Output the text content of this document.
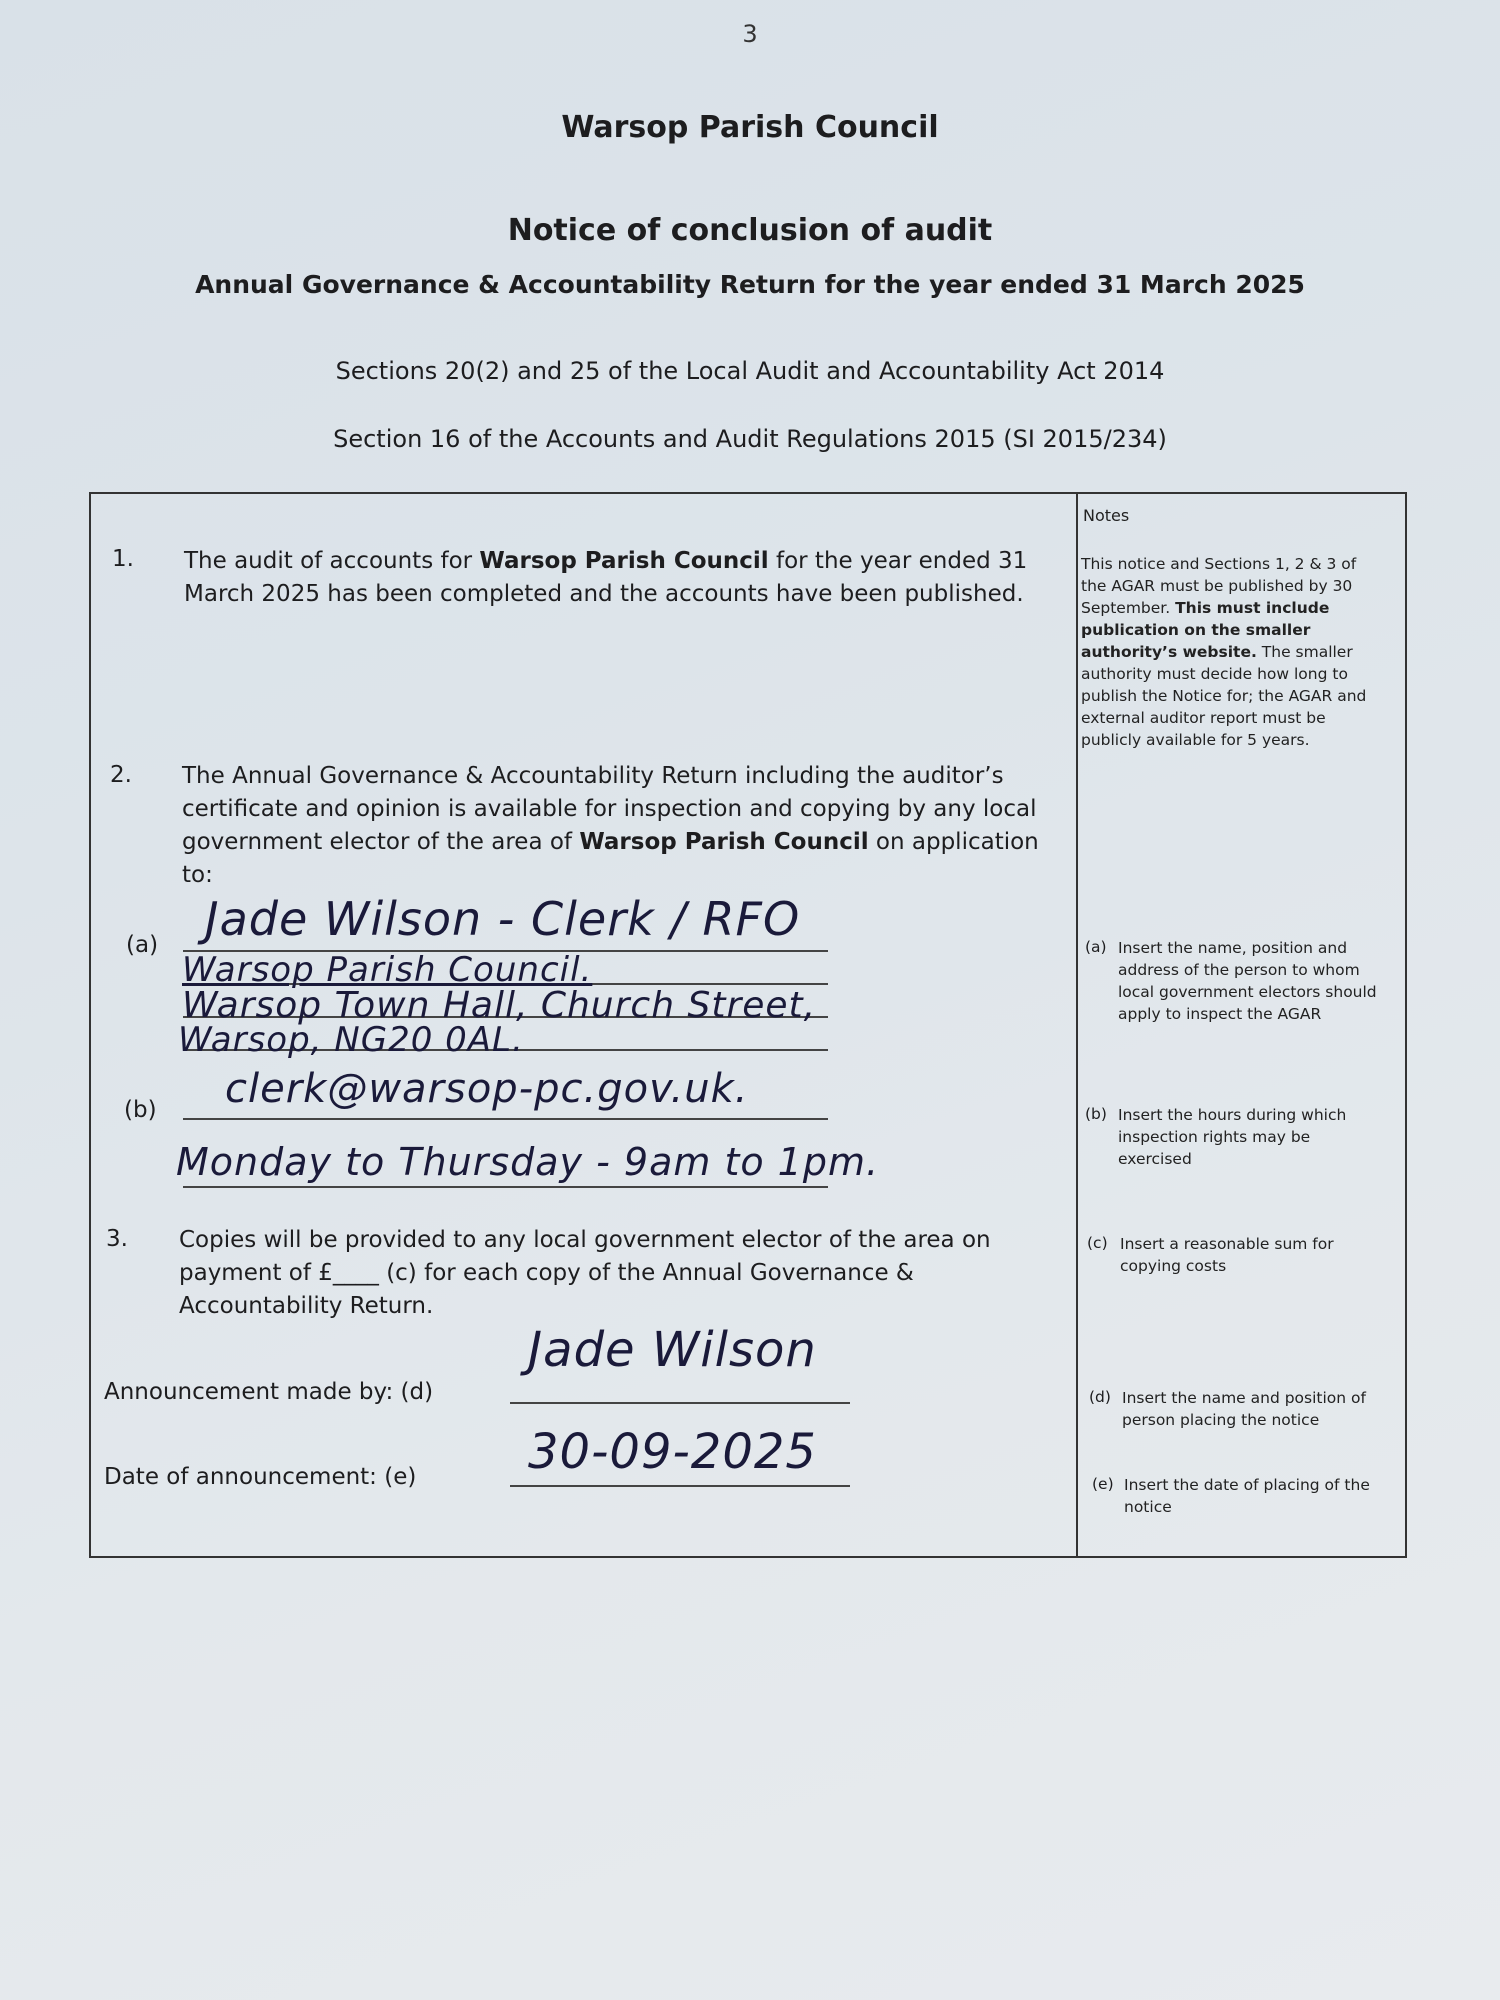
3
Warsop Parish Council
Notice of conclusion of audit
Annual Governance & Accountability Return for the year ended 31 March 2025
Sections 20(2) and 25 of the Local Audit and Accountability Act 2014
Section 16 of the Accounts and Audit Regulations 2015 (SI 2015/234)
1. The audit of accounts for Warsop Parish Council for the year ended 31
March 2025 has been completed and the accounts have been published.
2. The Annual Governance & Accountability Return including the auditor’s
certificate and opinion is available for inspection and copying by any local
government elector of the area of Warsop Parish Council on application
to:
(a)
(b)
Jade Wilson - Clerk / RFO
Warsop Parish Council.
Warsop Town Hall, Church Street,
Warsop, NG20 0AL.
clerk@warsop-pc.gov.uk.
Monday to Thursday - 9am to 1pm.
3. Copies will be provided to any local government elector of the area on
payment of £____ (c) for each copy of the Annual Governance &
Accountability Return.
Announcement made by: (d)
Jade Wilson
Date of announcement: (e) 30-09-2025
Notes
This notice and Sections 1, 2 & 3 of the AGAR must be published by 30 September. This must include publication on the smaller authority’s website. The smaller authority must decide how long to publish the Notice for; the AGAR and external auditor report must be publicly available for 5 years.
(a) Insert the name, position and address of the person to whom local government electors should apply to inspect the AGAR
(b) Insert the hours during which inspection rights may be exercised
(c) Insert a reasonable sum for copying costs
(d) Insert the name and position of person placing the notice
(e) Insert the date of placing of the notice
